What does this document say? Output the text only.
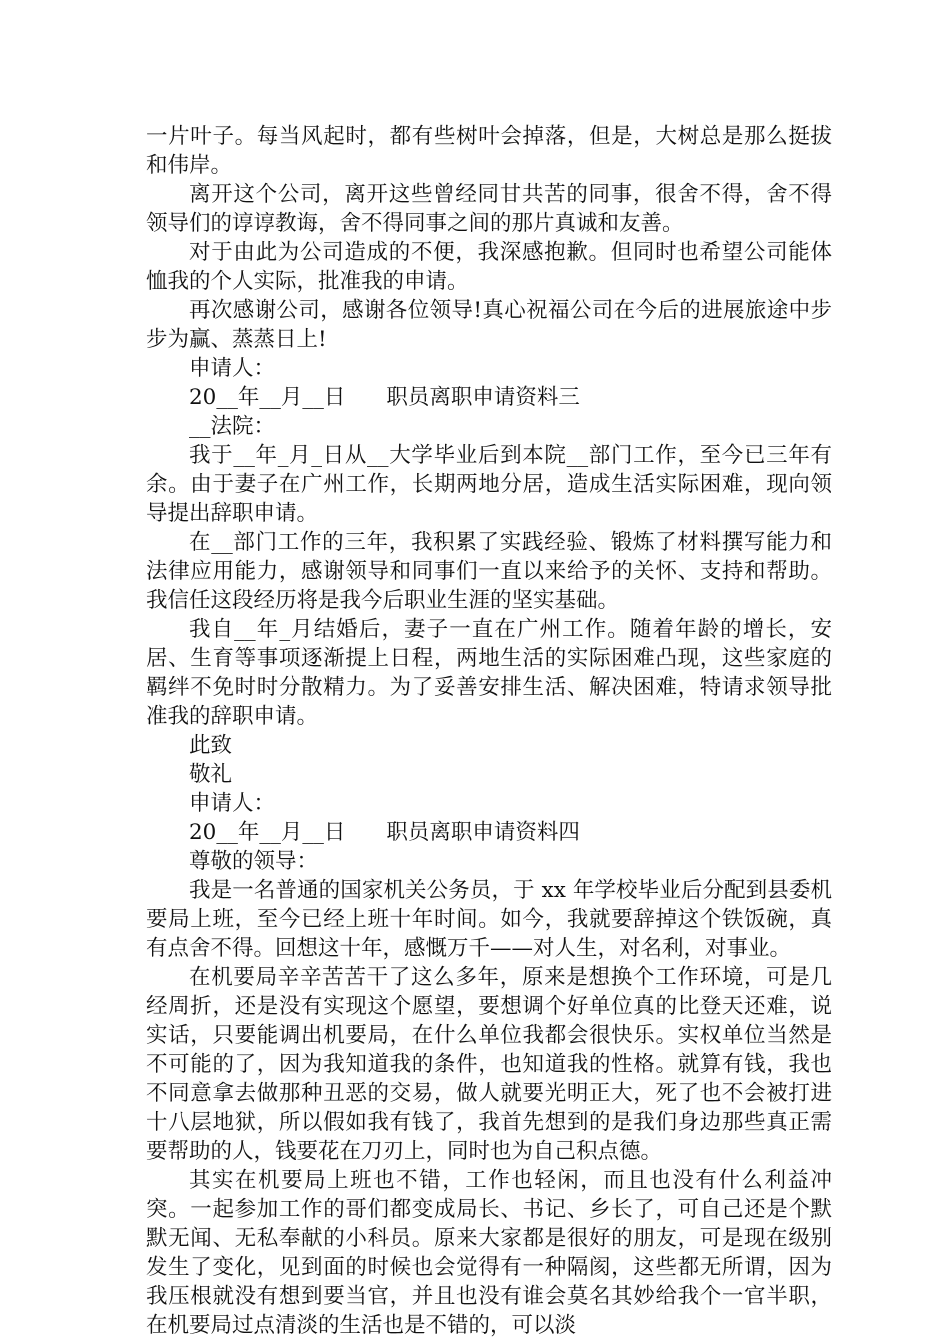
一片叶子。每当风起时，都有些树叶会掉落，但是，大树总是那么挺拔和伟岸。

离开这个公司，离开这些曾经同甘共苦的同事，很舍不得，舍不得领导们的谆谆教诲，舍不得同事之间的那片真诚和友善。

对于由此为公司造成的不便，我深感抱歉。但同时也希望公司能体恤我的个人实际，批准我的申请。

再次感谢公司，感谢各位领导!真心祝福公司在今后的进展旅途中步步为赢、蒸蒸日上!

申请人：

20__年__月__日      职员离职申请资料三

__法院：

我于__年_月_日从__大学毕业后到本院__部门工作，至今已三年有余。由于妻子在广州工作，长期两地分居，造成生活实际困难，现向领导提出辞职申请。

在__部门工作的三年，我积累了实践经验、锻炼了材料撰写能力和法律应用能力，感谢领导和同事们一直以来给予的关怀、支持和帮助。我信任这段经历将是我今后职业生涯的坚实基础。

我自__年_月结婚后，妻子一直在广州工作。随着年龄的增长，安居、生育等事项逐渐提上日程，两地生活的实际困难凸现，这些家庭的羁绊不免时时分散精力。为了妥善安排生活、解决困难，特请求领导批准我的辞职申请。

此致

敬礼

申请人：

20__年__月__日      职员离职申请资料四

尊敬的领导：

我是一名普通的国家机关公务员，于 xx 年学校毕业后分配到县委机要局上班，至今已经上班十年时间。如今，我就要辞掉这个铁饭碗，真有点舍不得。回想这十年，感慨万千——对人生，对名利，对事业。

在机要局辛辛苦苦干了这么多年，原来是想换个工作环境，可是几经周折，还是没有实现这个愿望，要想调个好单位真的比登天还难，说实话，只要能调出机要局，在什么单位我都会很快乐。实权单位当然是不可能的了，因为我知道我的条件，也知道我的性格。就算有钱，我也不同意拿去做那种丑恶的交易，做人就要光明正大，死了也不会被打进十八层地狱，所以假如我有钱了，我首先想到的是我们身边那些真正需要帮助的人，钱要花在刀刃上，同时也为自己积点德。

其实在机要局上班也不错，工作也轻闲，而且也没有什么利益冲突。一起参加工作的哥们都变成局长、书记、乡长了，可自己还是个默默无闻、无私奉献的小科员。原来大家都是很好的朋友，可是现在级别发生了变化，见到面的时候也会觉得有一种隔阂，这些都无所谓，因为我压根就没有想到要当官，并且也没有谁会莫名其妙给我个一官半职，在机要局过点清淡的生活也是不错的，可以淡
